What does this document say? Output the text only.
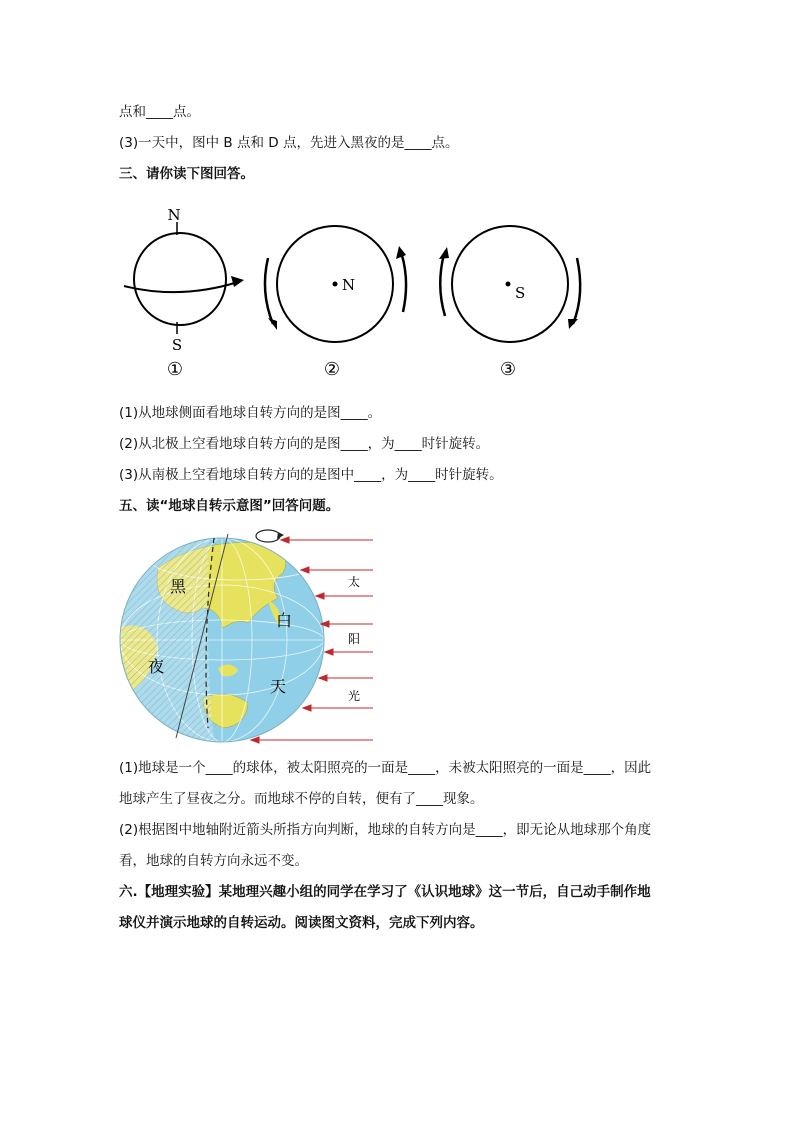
点和____点。
(3)一天中，图中 B 点和 D 点，先进入黑夜的是____点。
三、请你读下图回答。
N
S
①
N
②
S
③
(1)从地球侧面看地球自转方向的是图____。
(2)从北极上空看地球自转方向的是图____，为____时针旋转。
(3)从南极上空看地球自转方向的是图中____，为____时针旋转。
五、读“地球自转示意图”回答问题。
黑
夜
白
天
太
阳
光
(1)地球是一个____的球体，被太阳照亮的一面是____，未被太阳照亮的一面是____，因此
地球产生了昼夜之分。而地球不停的自转，便有了____现象。
(2)根据图中地轴附近箭头所指方向判断，地球的自转方向是____，即无论从地球那个角度
看，地球的自转方向永远不变。
六.【地理实验】某地理兴趣小组的同学在学习了《认识地球》这一节后，自己动手制作地
球仪并演示地球的自转运动。阅读图文资料，完成下列内容。
